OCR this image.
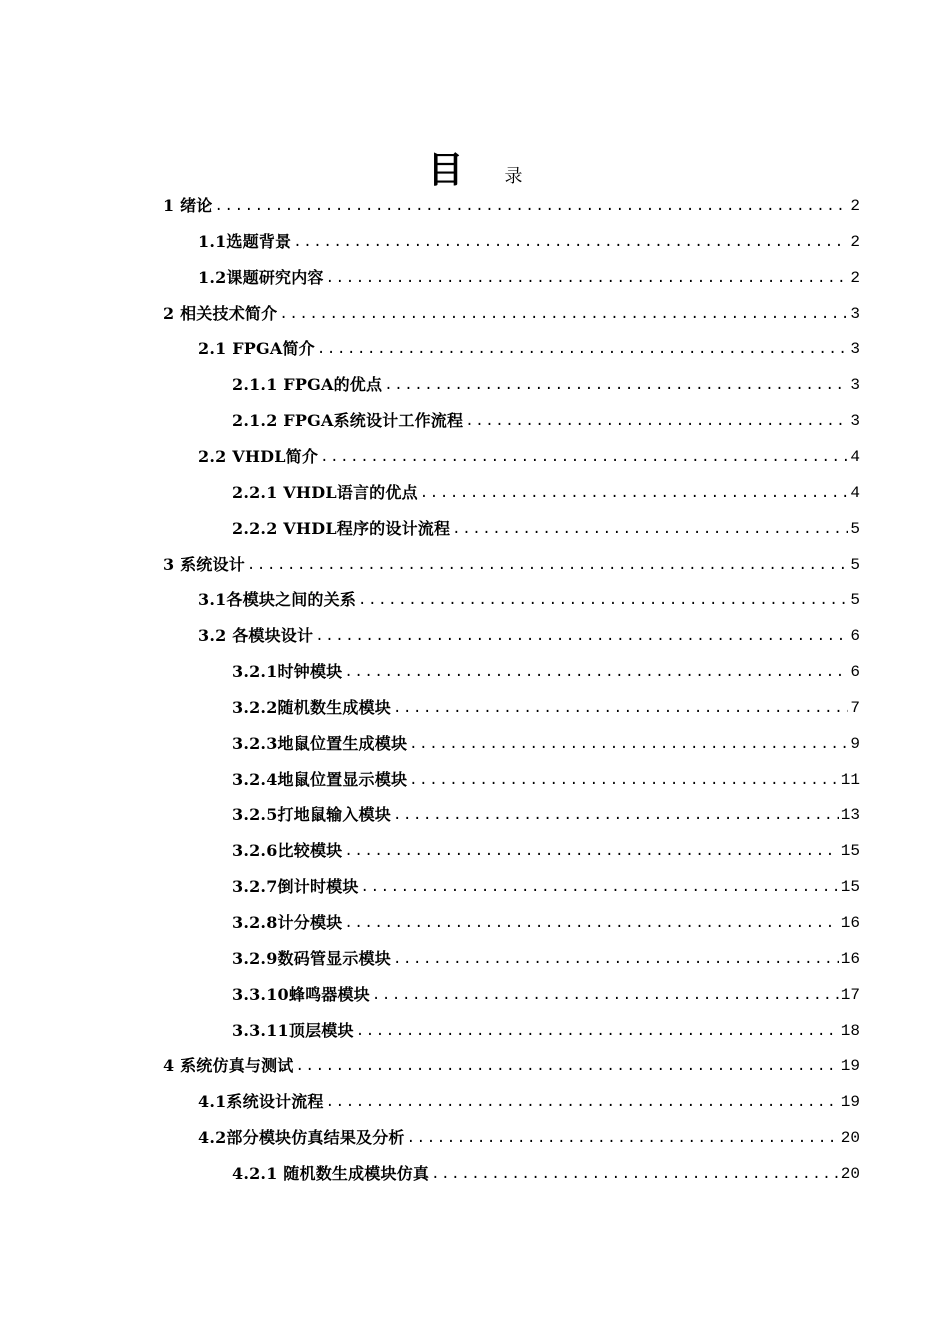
目 录
1 绪论 .....	2
1.1选题背景 .....	2
1.2课题研究内容 .....	2
2 相关技术简介 .....	3
2.1 FPGA简介 .....	3
2.1.1 FPGA的优点 .....	3
2.1.2 FPGA系统设计工作流程 .....	3
2.2 VHDL简介 .....	4
2.2.1 VHDL语言的优点 .....	4
2.2.2 VHDL程序的设计流程 .....	5
3 系统设计 .....	5
3.1各模块之间的关系 .....	5
3.2 各模块设计 .....	6
3.2.1时钟模块 .....	6
3.2.2随机数生成模块 .....	7
3.2.3地鼠位置生成模块 .....	9
3.2.4地鼠位置显示模块 .....	11
3.2.5打地鼠输入模块 .....	13
3.2.6比较模块 .....	15
3.2.7倒计时模块 .....	15
3.2.8计分模块 .....	16
3.2.9数码管显示模块 .....	16
3.3.10蜂鸣器模块 .....	17
3.3.11顶层模块 .....	18
4 系统仿真与测试 .....	19
4.1系统设计流程 .....	19
4.2部分模块仿真结果及分析 .....	20
4.2.1 随机数生成模块仿真 .....	20
